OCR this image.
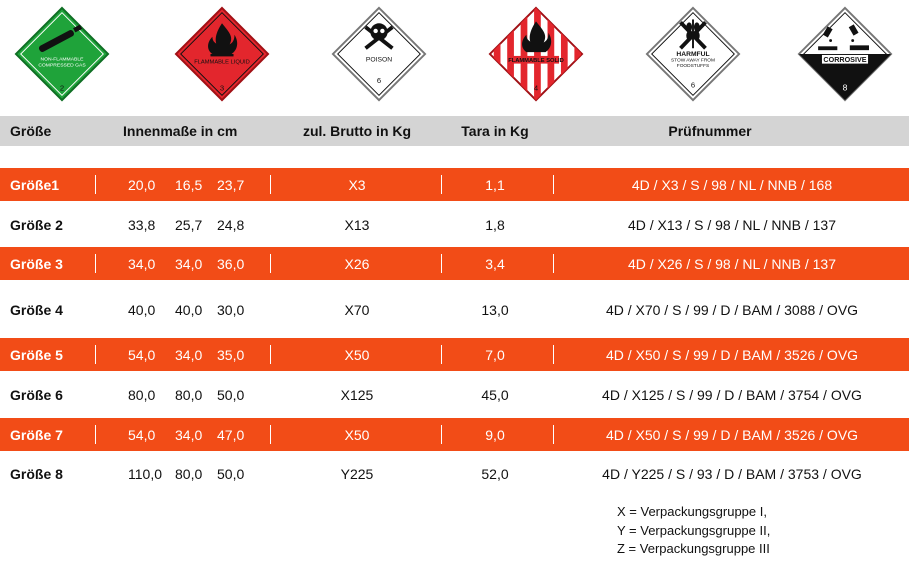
NON-FLAMMABLE
COMPRESSED GAS
2
FLAMMABLE LIQUID
3
POISON
6
FLAMMABLE SOLID
4
HARMFUL
STOW AWAY FROM
FOODSTUFFS
6
CORROSIVE
8
Größe	Innenmaße in cm	zul. Brutto in Kg	Tara in Kg	Prüfnummer
Größe1	20,0 16,5 23,7	X3	1,1	4D / X3 / S / 98 / NL / NNB / 168
Größe 2	33,8 25,7 24,8	X13	1,8	4D / X13 / S / 98 / NL / NNB / 137
Größe 3	34,0 34,0 36,0	X26	3,4	4D / X26 / S / 98 / NL / NNB / 137
Größe 4	40,0 40,0 30,0	X70	13,0	4D / X70 / S / 99 / D / BAM / 3088 / OVG
Größe 5	54,0 34,0 35,0	X50	7,0	4D / X50 / S / 99 / D / BAM / 3526 / OVG
Größe 6	80,0 80,0 50,0	X125	45,0	4D / X125 / S / 99 / D / BAM / 3754 / OVG
Größe 7	54,0 34,0 47,0	X50	9,0	4D / X50 / S / 99 / D / BAM / 3526 / OVG
Größe 8	110,0 80,0 50,0	Y225	52,0	4D / Y225 / S / 93 / D / BAM / 3753 / OVG
X = Verpackungsgruppe I,
Y = Verpackungsgruppe II,
Z = Verpackungsgruppe III
